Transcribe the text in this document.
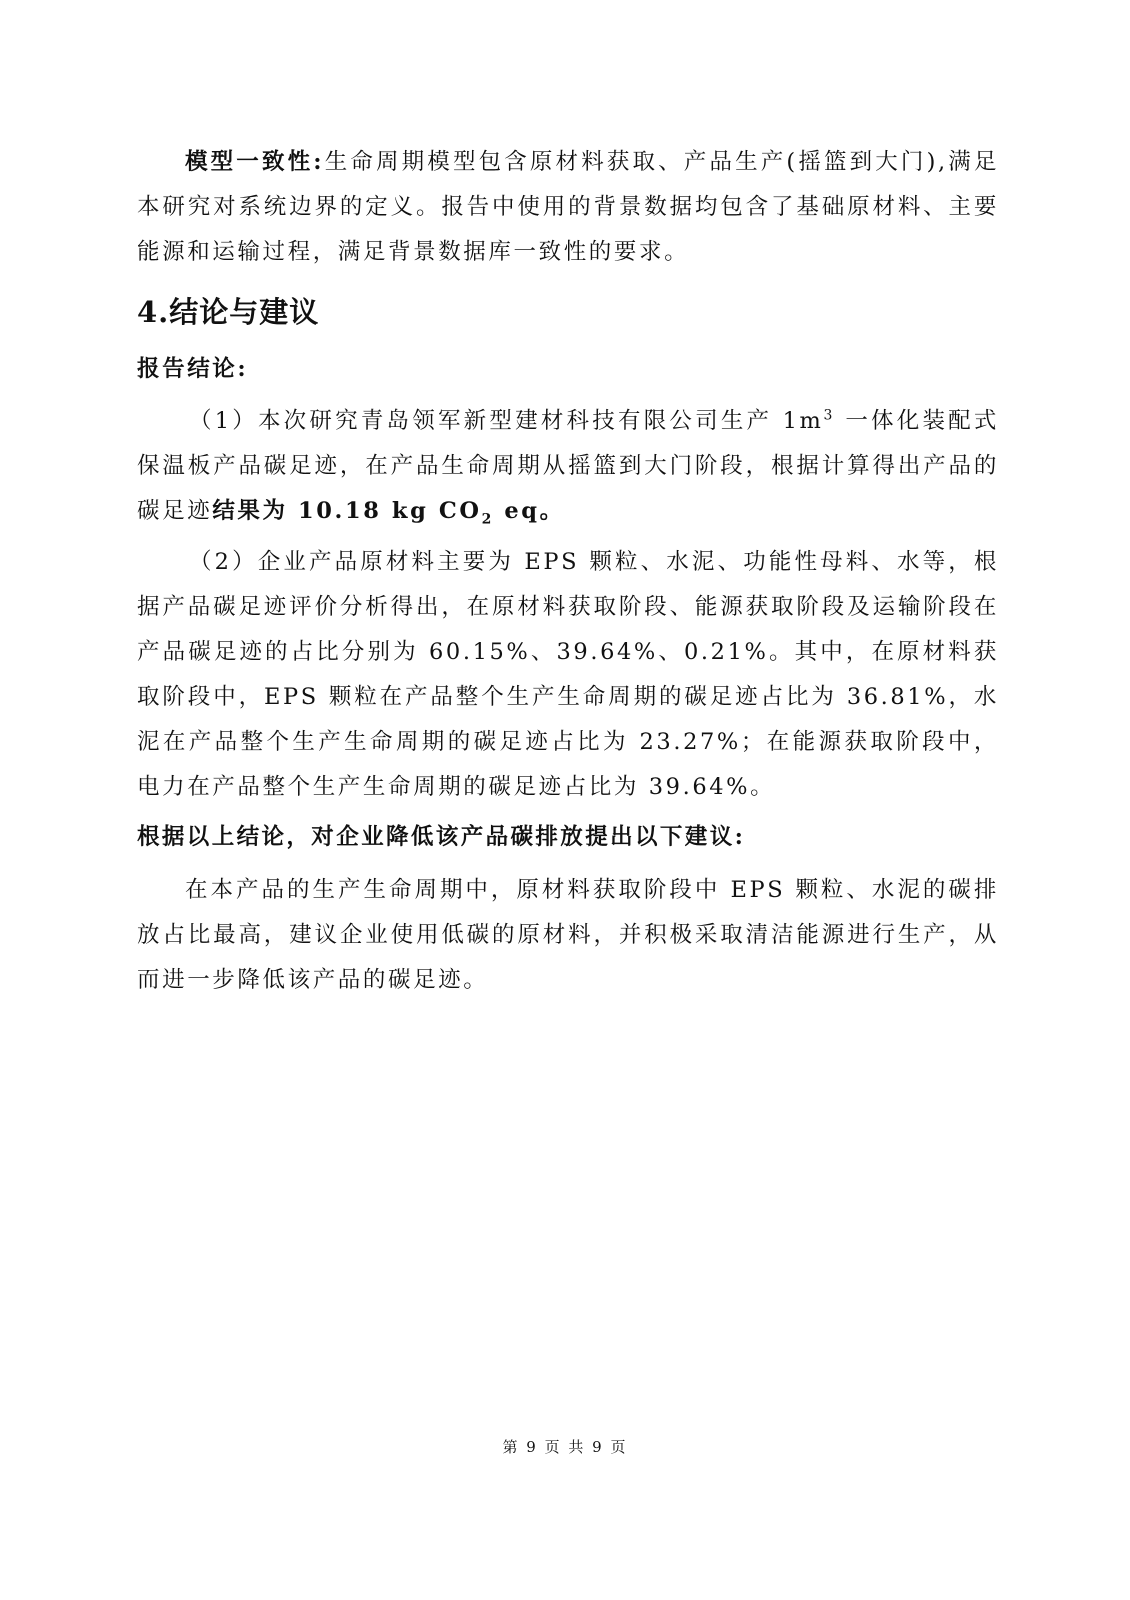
模型一致性:生命周期模型包含原材料获取、产品生产(摇篮到大门),满足本研究对系统边界的定义。报告中使用的背景数据均包含了基础原材料、主要能源和运输过程，满足背景数据库一致性的要求。

4.结论与建议
报告结论:

（1）本次研究青岛领军新型建材科技有限公司生产 $1m^3$ 一体化装配式保温板产品碳足迹，在产品生命周期从摇篮到大门阶段，根据计算得出产品的碳足迹结果为 10.18 kg $CO_2$ eq。

（2）企业产品原材料主要为 EPS 颗粒、水泥、功能性母料、水等，根据产品碳足迹评价分析得出，在原材料获取阶段、能源获取阶段及运输阶段在产品碳足迹的占比分别为 60.15%、39.64%、0.21%。其中，在原材料获取阶段中，EPS 颗粒在产品整个生产生命周期的碳足迹占比为 36.81%，水泥在产品整个生产生命周期的碳足迹占比为 23.27%；在能源获取阶段中，电力在产品整个生产生命周期的碳足迹占比为 39.64%。

根据以上结论，对企业降低该产品碳排放提出以下建议:

在本产品的生产生命周期中，原材料获取阶段中 EPS 颗粒、水泥的碳排放占比最高，建议企业使用低碳的原材料，并积极采取清洁能源进行生产，从而进一步降低该产品的碳足迹。

第 9 页 共 9 页
